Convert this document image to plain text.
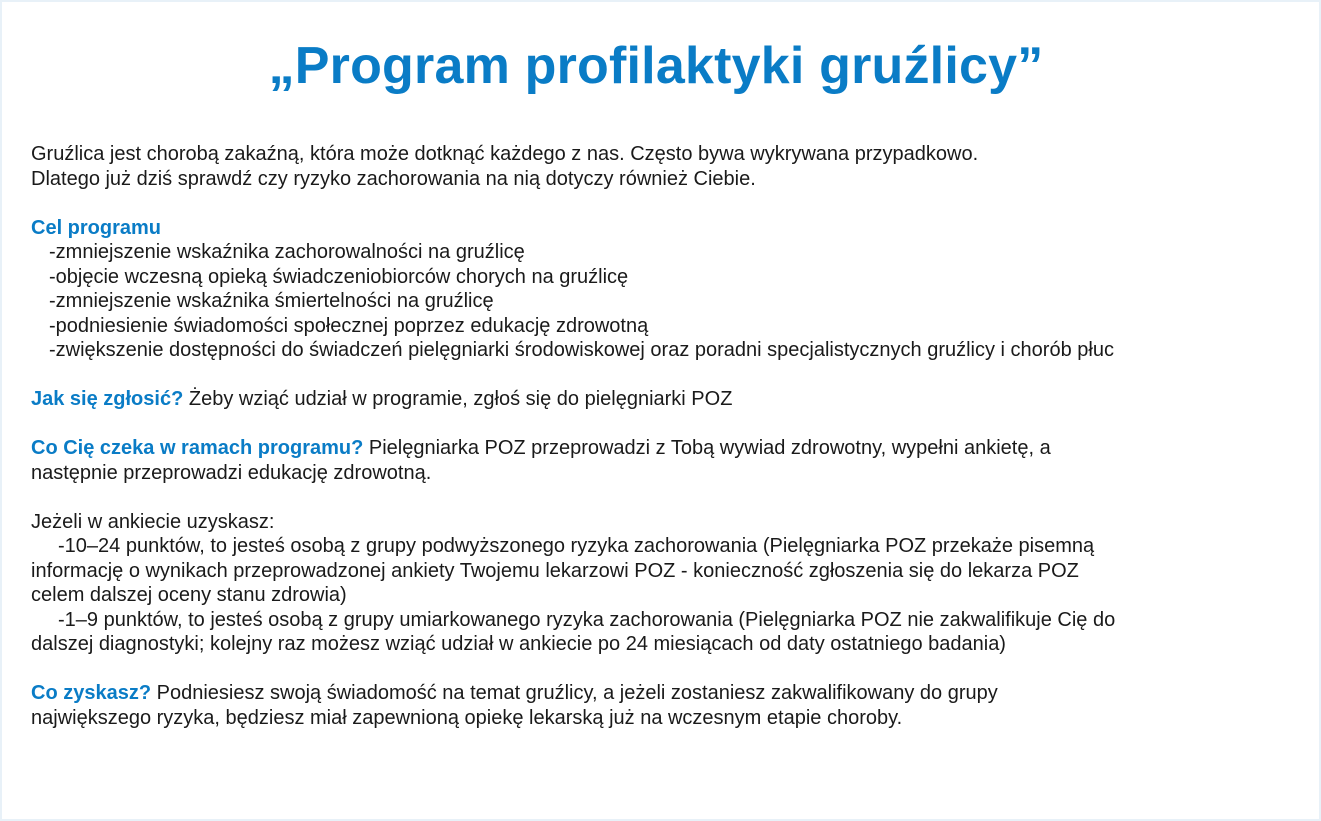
„Program profilaktyki gruźlicy”

Gruźlica jest chorobą zakaźną, która może dotknąć każdego z nas. Często bywa wykrywana przypadkowo.

Dlatego już dziś sprawdź czy ryzyko zachorowania na nią dotyczy również Ciebie.

Cel programu

-zmniejszenie wskaźnika zachorowalności na gruźlicę

-objęcie wczesną opieką świadczeniobiorców chorych na gruźlicę

-zmniejszenie wskaźnika śmiertelności na gruźlicę

-podniesienie świadomości społecznej poprzez edukację zdrowotną

-zwiększenie dostępności do świadczeń pielęgniarki środowiskowej oraz poradni specjalistycznych gruźlicy i chorób płuc

Jak się zgłosić? Żeby wziąć udział w programie, zgłoś się do pielęgniarki POZ

Co Cię czeka w ramach programu? Pielęgniarka POZ przeprowadzi z Tobą wywiad zdrowotny, wypełni ankietę, a

następnie przeprowadzi edukację zdrowotną.

Jeżeli w ankiecie uzyskasz:

-10–24 punktów, to jesteś osobą z grupy podwyższonego ryzyka zachorowania (Pielęgniarka POZ przekaże pisemną

informację o wynikach przeprowadzonej ankiety Twojemu lekarzowi POZ - konieczność zgłoszenia się do lekarza POZ

celem dalszej oceny stanu zdrowia)

-1–9 punktów, to jesteś osobą z grupy umiarkowanego ryzyka zachorowania (Pielęgniarka POZ nie zakwalifikuje Cię do

dalszej diagnostyki; kolejny raz możesz wziąć udział w ankiecie po 24 miesiącach od daty ostatniego badania)

Co zyskasz? Podniesiesz swoją świadomość na temat gruźlicy, a jeżeli zostaniesz zakwalifikowany do grupy

największego ryzyka, będziesz miał zapewnioną opiekę lekarską już na wczesnym etapie choroby.
